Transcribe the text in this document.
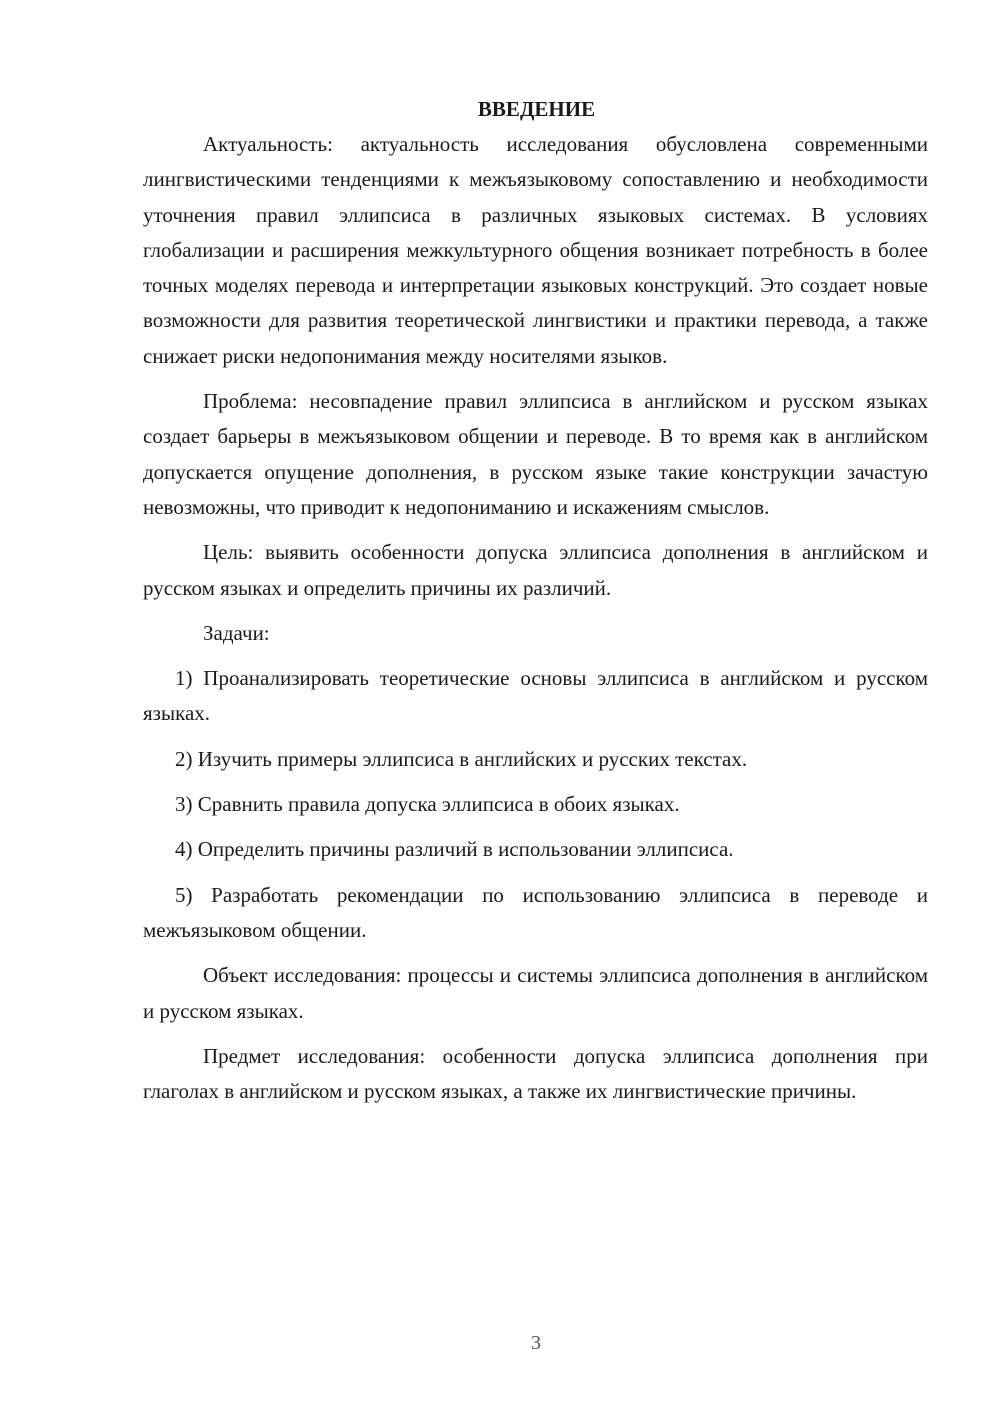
ВВЕДЕНИЕ

Актуальность: актуальность исследования обусловлена современными лингвистическими тенденциями к межъязыковому сопоставлению и необходимости уточнения правил эллипсиса в различных языковых системах. В условиях глобализации и расширения межкультурного общения возникает потребность в более точных моделях перевода и интерпретации языковых конструкций. Это создает новые возможности для развития теоретической лингвистики и практики перевода, а также снижает риски недопонимания между носителями языков.

Проблема: несовпадение правил эллипсиса в английском и русском языках создает барьеры в межъязыковом общении и переводе. В то время как в английском допускается опущение дополнения, в русском языке такие конструкции зачастую невозможны, что приводит к недопониманию и искажениям смыслов.

Цель: выявить особенности допуска эллипсиса дополнения в английском и русском языках и определить причины их различий.

Задачи:

1) Проанализировать теоретические основы эллипсиса в английском и русском языках.

2) Изучить примеры эллипсиса в английских и русских текстах.

3) Сравнить правила допуска эллипсиса в обоих языках.

4) Определить причины различий в использовании эллипсиса.

5) Разработать рекомендации по использованию эллипсиса в переводе и межъязыковом общении.

Объект исследования: процессы и системы эллипсиса дополнения в английском и русском языках.

Предмет исследования: особенности допуска эллипсиса дополнения при глаголах в английском и русском языках, а также их лингвистические причины.

3
